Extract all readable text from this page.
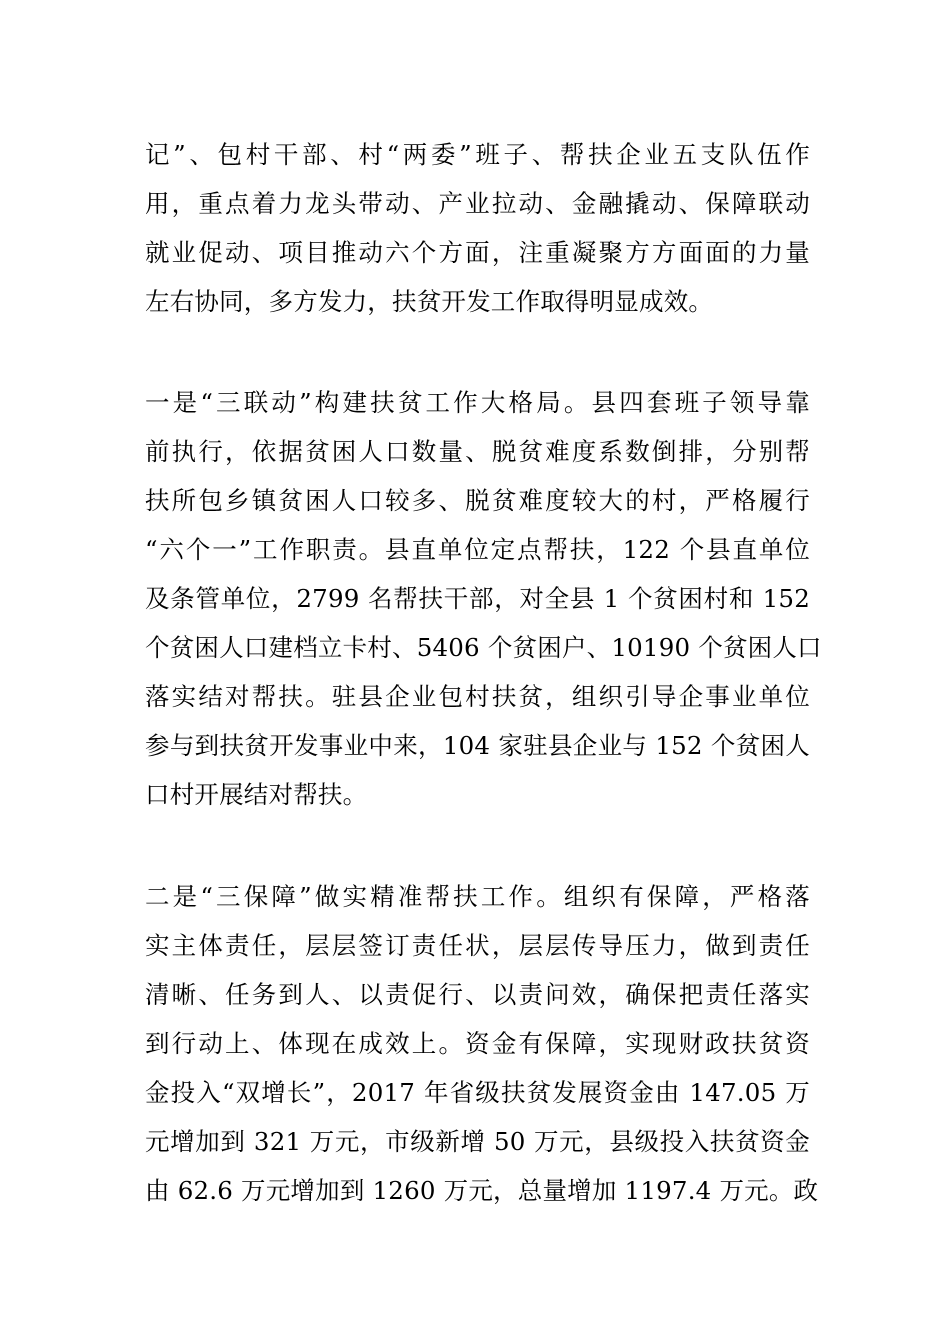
记”、包村干部、村“两委”班子、帮扶企业五支队伍作
用，重点着力龙头带动、产业拉动、金融撬动、保障联动
就业促动、项目推动六个方面，注重凝聚方方面面的力量
左右协同，多方发力，扶贫开发工作取得明显成效。
一是“三联动”构建扶贫工作大格局。县四套班子领导靠
前执行，依据贫困人口数量、脱贫难度系数倒排，分别帮
扶所包乡镇贫困人口较多、脱贫难度较大的村，严格履行
“六个一”工作职责。县直单位定点帮扶，122 个县直单位
及条管单位，2799 名帮扶干部，对全县 1 个贫困村和 152
个贫困人口建档立卡村、5406 个贫困户、10190 个贫困人口
落实结对帮扶。驻县企业包村扶贫，组织引导企事业单位
参与到扶贫开发事业中来，104 家驻县企业与 152 个贫困人
口村开展结对帮扶。
二是“三保障”做实精准帮扶工作。组织有保障，严格落
实主体责任，层层签订责任状，层层传导压力，做到责任
清晰、任务到人、以责促行、以责问效，确保把责任落实
到行动上、体现在成效上。资金有保障，实现财政扶贫资
金投入“双增长”，2017 年省级扶贫发展资金由 147.05 万
元增加到 321 万元，市级新增 50 万元，县级投入扶贫资金
由 62.6 万元增加到 1260 万元，总量增加 1197.4 万元。政
